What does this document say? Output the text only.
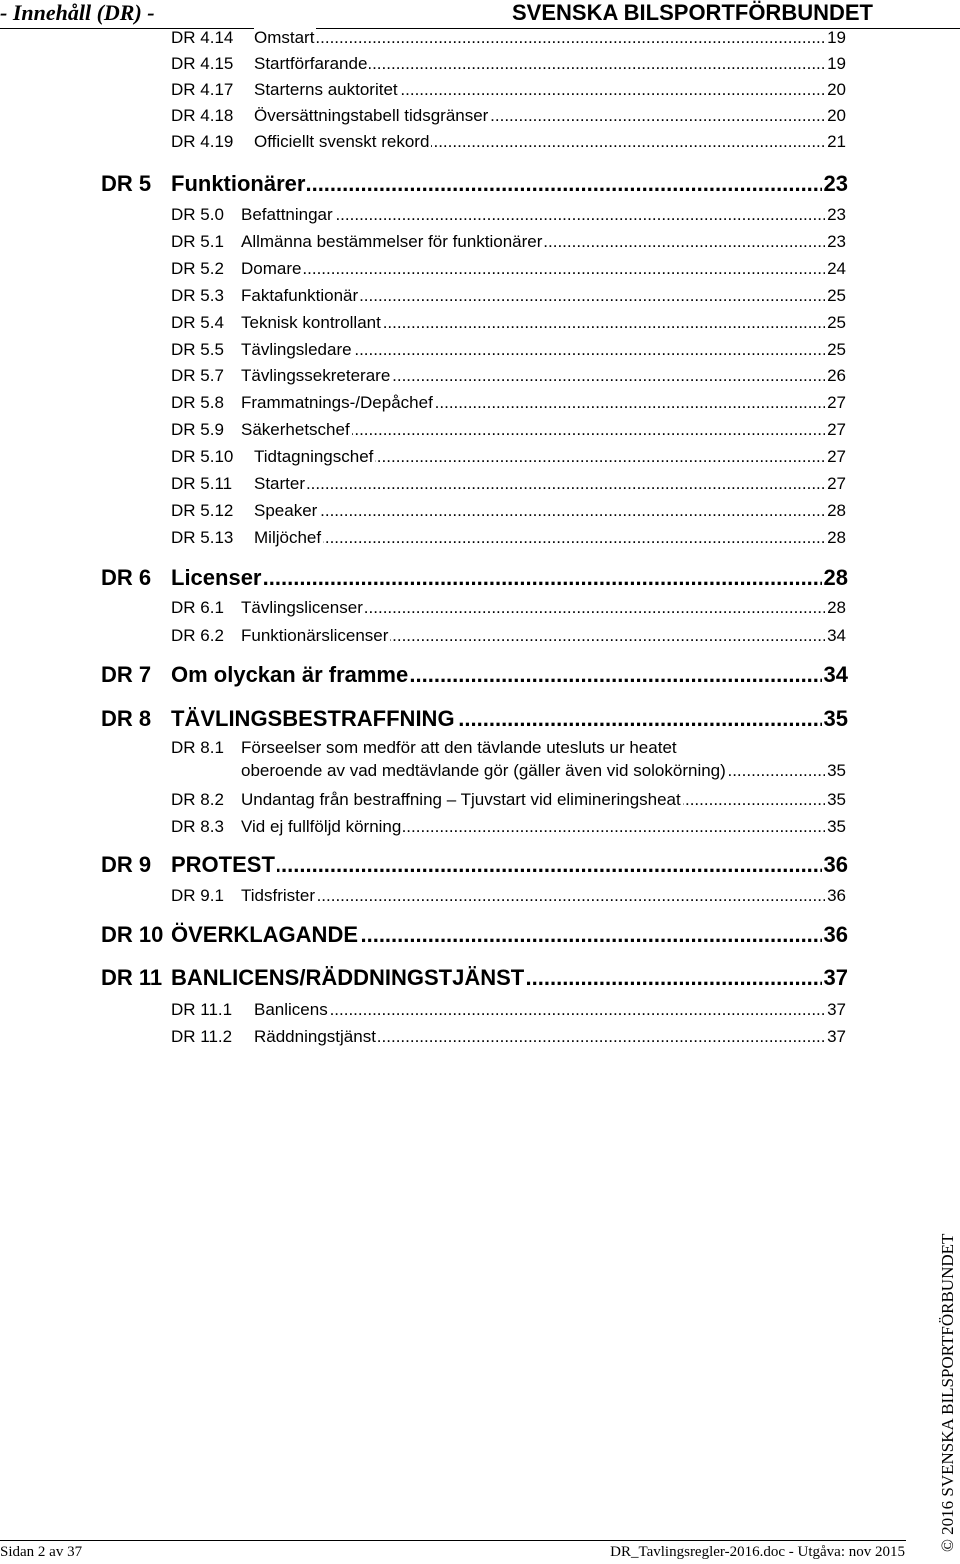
- Innehåll (DR) -	SVENSKA BILSPORTFÖRBUNDET
DR 4.14	Omstart .....	19
DR 4.15	Startförfarande .....	19
DR 4.17	Starterns auktoritet .....	20
DR 4.18	Översättningstabell tidsgränser .....	20
DR 4.19	Officiellt svenskt rekord .....	21
DR 5 Funktionärer .....	23
DR 5.0	Befattningar .....	23
DR 5.1	Allmänna bestämmelser för funktionärer .....	23
DR 5.2	Domare .....	24
DR 5.3	Faktafunktionär .....	25
DR 5.4	Teknisk kontrollant .....	25
DR 5.5	Tävlingsledare .....	25
DR 5.7	Tävlingssekreterare .....	26
DR 5.8	Frammatnings-/Depåchef .....	27
DR 5.9	Säkerhetschef .....	27
DR 5.10	Tidtagningschef .....	27
DR 5.11	Starter .....	27
DR 5.12	Speaker .....	28
DR 5.13	Miljöchef .....	28
DR 6 Licenser .....	28
DR 6.1	Tävlingslicenser .....	28
DR 6.2	Funktionärslicenser .....	34
DR 7 Om olyckan är framme .....	34
DR 8 TÄVLINGSBESTRAFFNING .....	35
DR 8.1	Förseelser som medför att den tävlande utesluts ur heatet
oberoende av vad medtävlande gör (gäller även vid solokörning) .....	35
DR 8.2	Undantag från bestraffning – Tjuvstart vid elimineringsheat .....	35
DR 8.3	Vid ej fullföljd körning .....	35
DR 9 PROTEST .....	36
DR 9.1	Tidsfrister .....	36
DR 10 ÖVERKLAGANDE .....	36
DR 11 BANLICENS/RÄDDNINGSTJÄNST .....	37
DR 11.1	Banlicens .....	37
DR 11.2	Räddningstjänst .....	37
Sidan 2 av 37	DR_Tavlingsregler-2016.doc - Utgåva: nov 2015 © 2016 SVENSKA BILSPORTFÖRBUNDET
